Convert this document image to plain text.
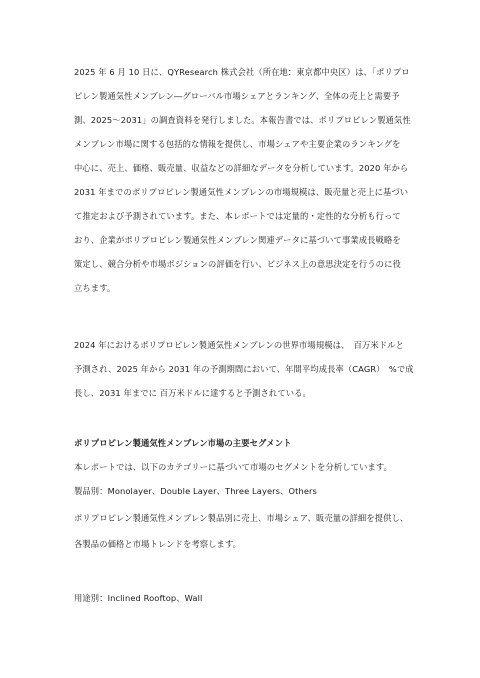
2025 年 6 月 10 日に、QYResearch 株式会社（所在地：東京都中央区）は、「ポリプロ
ピレン製通気性メンブレン―グローバル市場シェアとランキング、全体の売上と需要予
測、2025～2031」の調査資料を発行しました。本報告書では、ポリプロピレン製通気性
メンブレン市場に関する包括的な情報を提供し、市場シェアや主要企業のランキングを
中心に、売上、価格、販売量、収益などの詳細なデータを分析しています。2020 年から
2031 年までのポリプロピレン製通気性メンブレンの市場規模は、販売量と売上に基づい
て推定および予測されています。また、本レポートでは定量的・定性的な分析も行って
おり、企業がポリプロピレン製通気性メンブレン関連データに基づいて事業成長戦略を
策定し、競合分析や市場ポジションの評価を行い、ビジネス上の意思決定を行うのに役
立ちます。
2024 年におけるポリプロピレン製通気性メンブレンの世界市場規模は、　百万米ドルと
予測され、2025 年から 2031 年の予測期間において、年間平均成長率（CAGR）　%で成
長し、2031 年までに 百万米ドルに達すると予測されている。
ポリプロピレン製通気性メンブレン市場の主要セグメント
本レポートでは、以下のカテゴリーに基づいて市場のセグメントを分析しています。
製品別：Monolayer、Double Layer、Three Layers、Others
ポリプロピレン製通気性メンブレン製品別に売上、市場シェア、販売量の詳細を提供し、
各製品の価格と市場トレンドを考察します。
用途別：Inclined Rooftop、Wall
